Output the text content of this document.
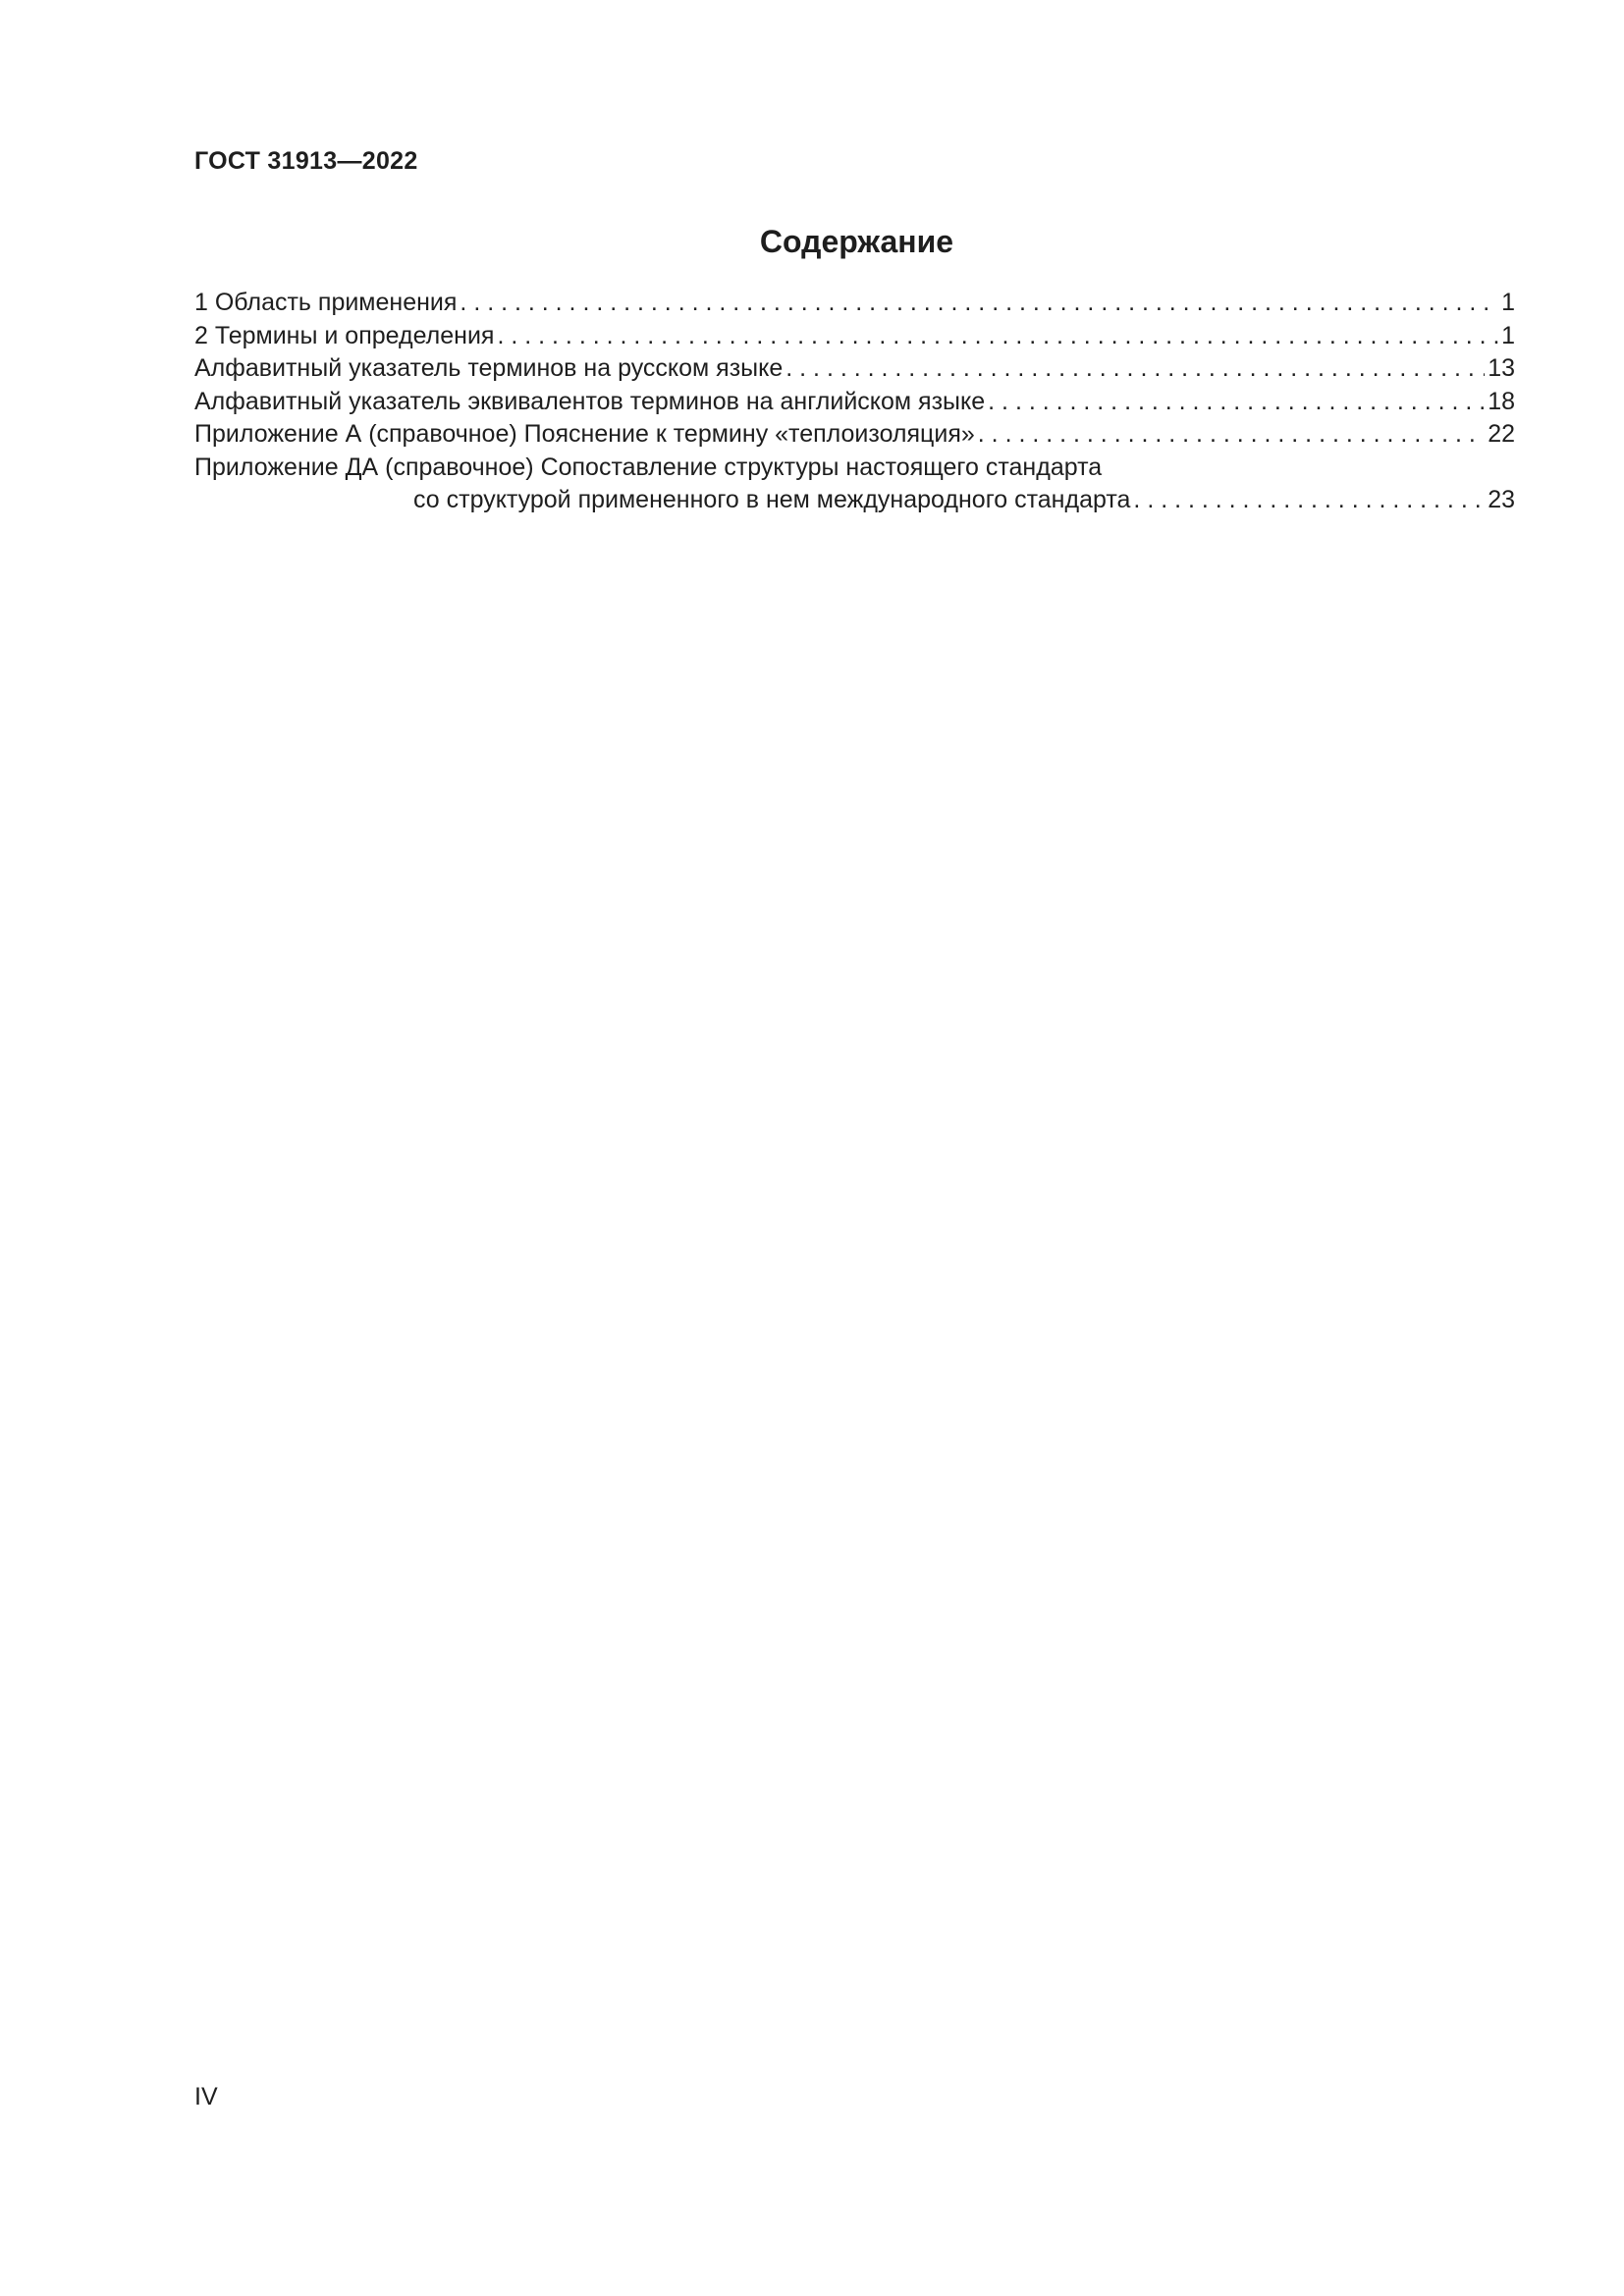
ГОСТ 31913—2022
Содержание
1 Область применения . . .	1
2 Термины и определения . . .	1
Алфавитный указатель терминов на русском языке . . .	13
Алфавитный указатель эквивалентов терминов на английском языке . . .	18
Приложение А (справочное) Пояснение к термину «теплоизоляция» . . .	22
Приложение ДА (справочное) Сопоставление структуры настоящего стандарта
со структурой примененного в нем международного стандарта . . .	23
IV
